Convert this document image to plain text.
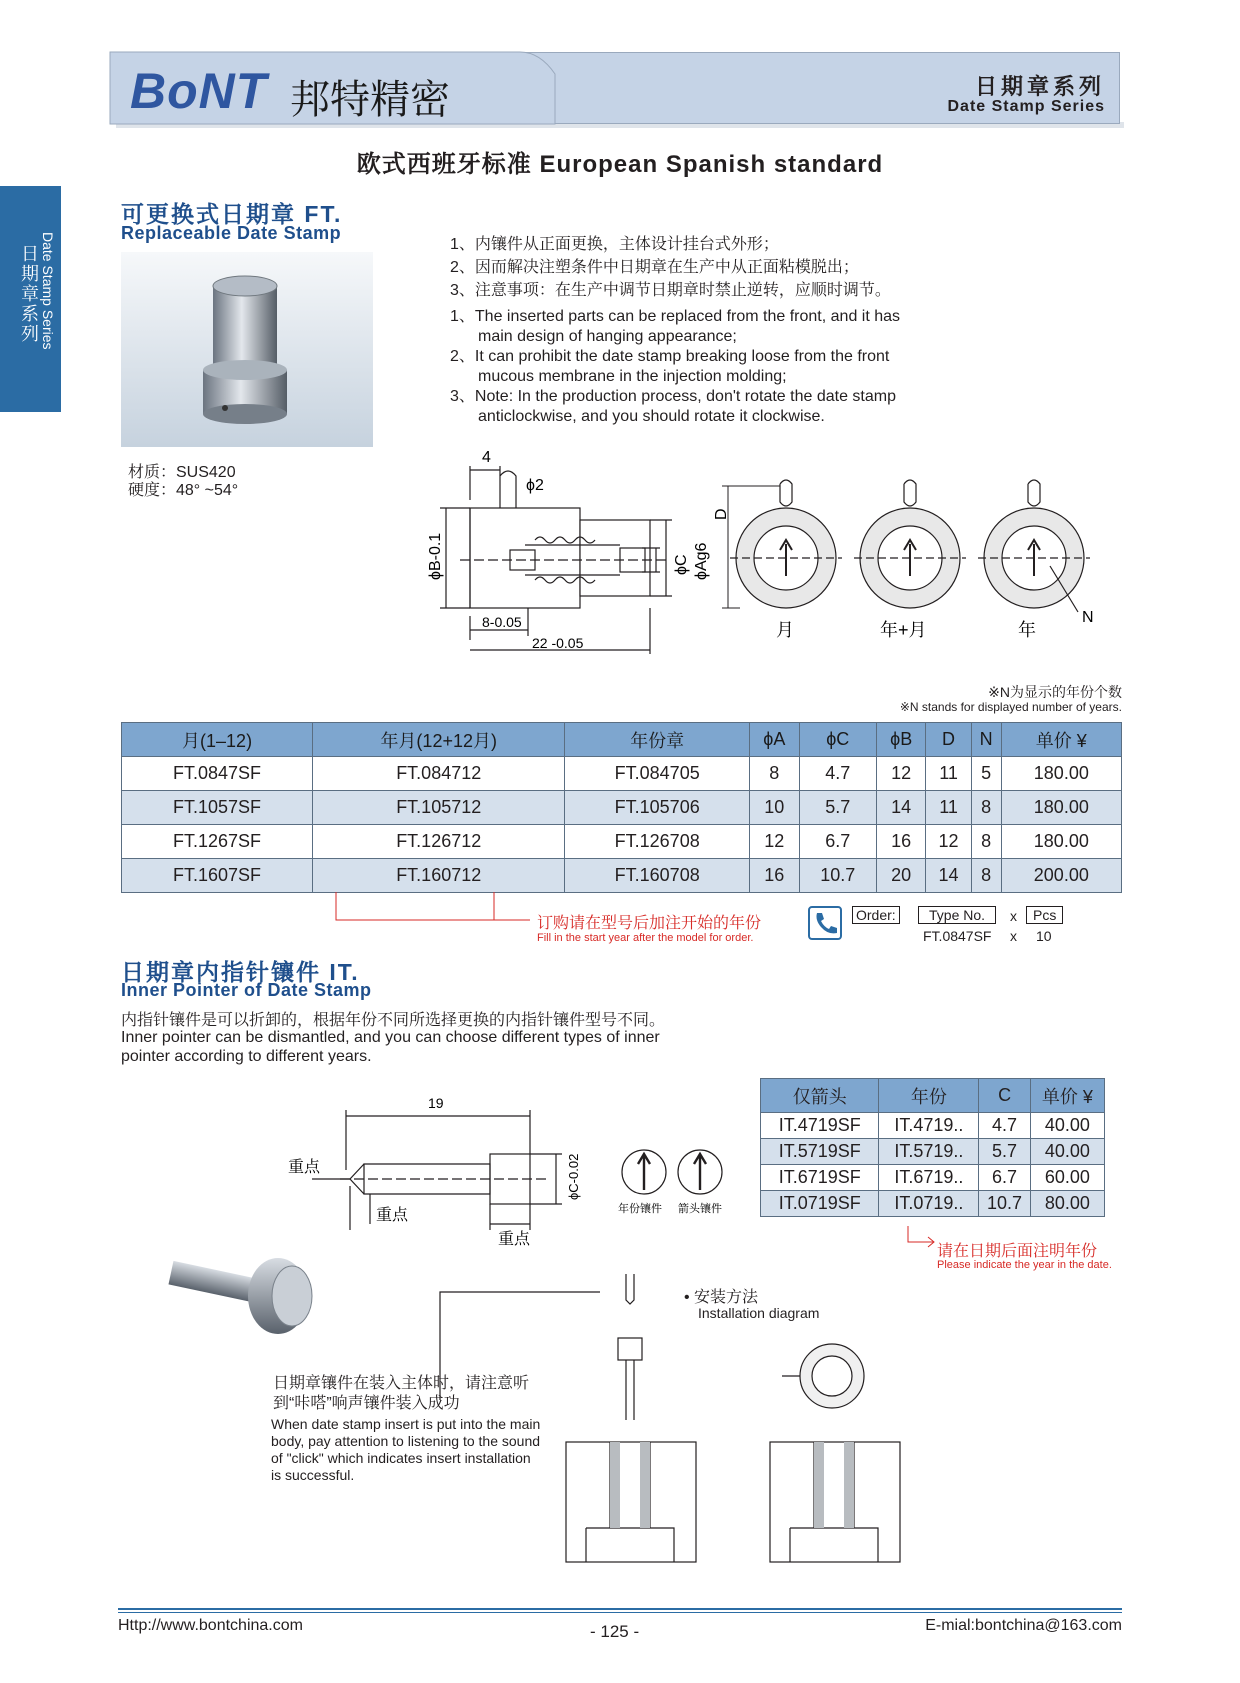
BoNT 邦特精密	日期章系列
Date Stamp Series
欧式西班牙标准 European Spanish standard
日
期
章
系
列 Date Stamp Series
可更换式日期章 FT.
Replaceable Date Stamp
材质：SUS420
硬度：48° ~54°
1、内镶件从正面更换，主体设计挂台式外形；
2、因而解决注塑条件中日期章在生产中从正面粘模脱出；
3、注意事项：在生产中调节日期章时禁止逆转，应顺时调节。
1、The inserted parts can be replaced from the front, and it has main design of hanging appearance;
2、It can prohibit the date stamp breaking loose from the front mucous membrane in the injection molding;
3、Note: In the production process, don't rotate the date stamp anticlockwise, and you should rotate it clockwise.
4
ϕ2
ϕB-0.1	ϕC ϕAg6
8-0.05
22 -0.05
D
N
月	年+月	年
※N为显示的年份个数
※N stands for displayed number of years.
月(1–12)	年月(12+12月)	年份章	ϕA	ϕC	ϕB	D	N	单价 ¥
FT.0847SF	FT.084712	FT.084705	8	4.7	12	11	5	180.00
FT.1057SF	FT.105712	FT.105706	10	5.7	14	11	8	180.00
FT.1267SF	FT.126712	FT.126708	12	6.7	16	12	8	180.00
FT.1607SF	FT.160712	FT.160708	16	10.7	20	14	8	200.00
订购请在型号后加注开始的年份
Fill in the start year after the model for order.
Order:	Type No.	x	Pcs
FT.0847SF x 10
日期章内指针镶件 IT.
Inner Pointer of Date Stamp
内指针镶件是可以折卸的，根据年份不同所选择更换的内指针镶件型号不同。
Inner pointer can be dismantled, and you can choose different types of inner pointer according to different years.
19
重点
重点
重点
ϕC-0.02
年份镶件 箭头镶件
仅箭头	年份	C	单价 ¥
IT.4719SF	IT.4719..	4.7	40.00
IT.5719SF	IT.5719..	5.7	40.00
IT.6719SF	IT.6719..	6.7	60.00
IT.0719SF	IT.0719..	10.7	80.00
请在日期后面注明年份
Please indicate the year in the date.
• 安装方法
Installation diagram
日期章镶件在装入主体时，请注意听到“咔嗒”响声镶件装入成功
When date stamp insert is put into the main body, pay attention to listening to the sound of "click" which indicates insert installation is successful.
Http://www.bontchina.com	- 125 -	E-mial:bontchina@163.com
